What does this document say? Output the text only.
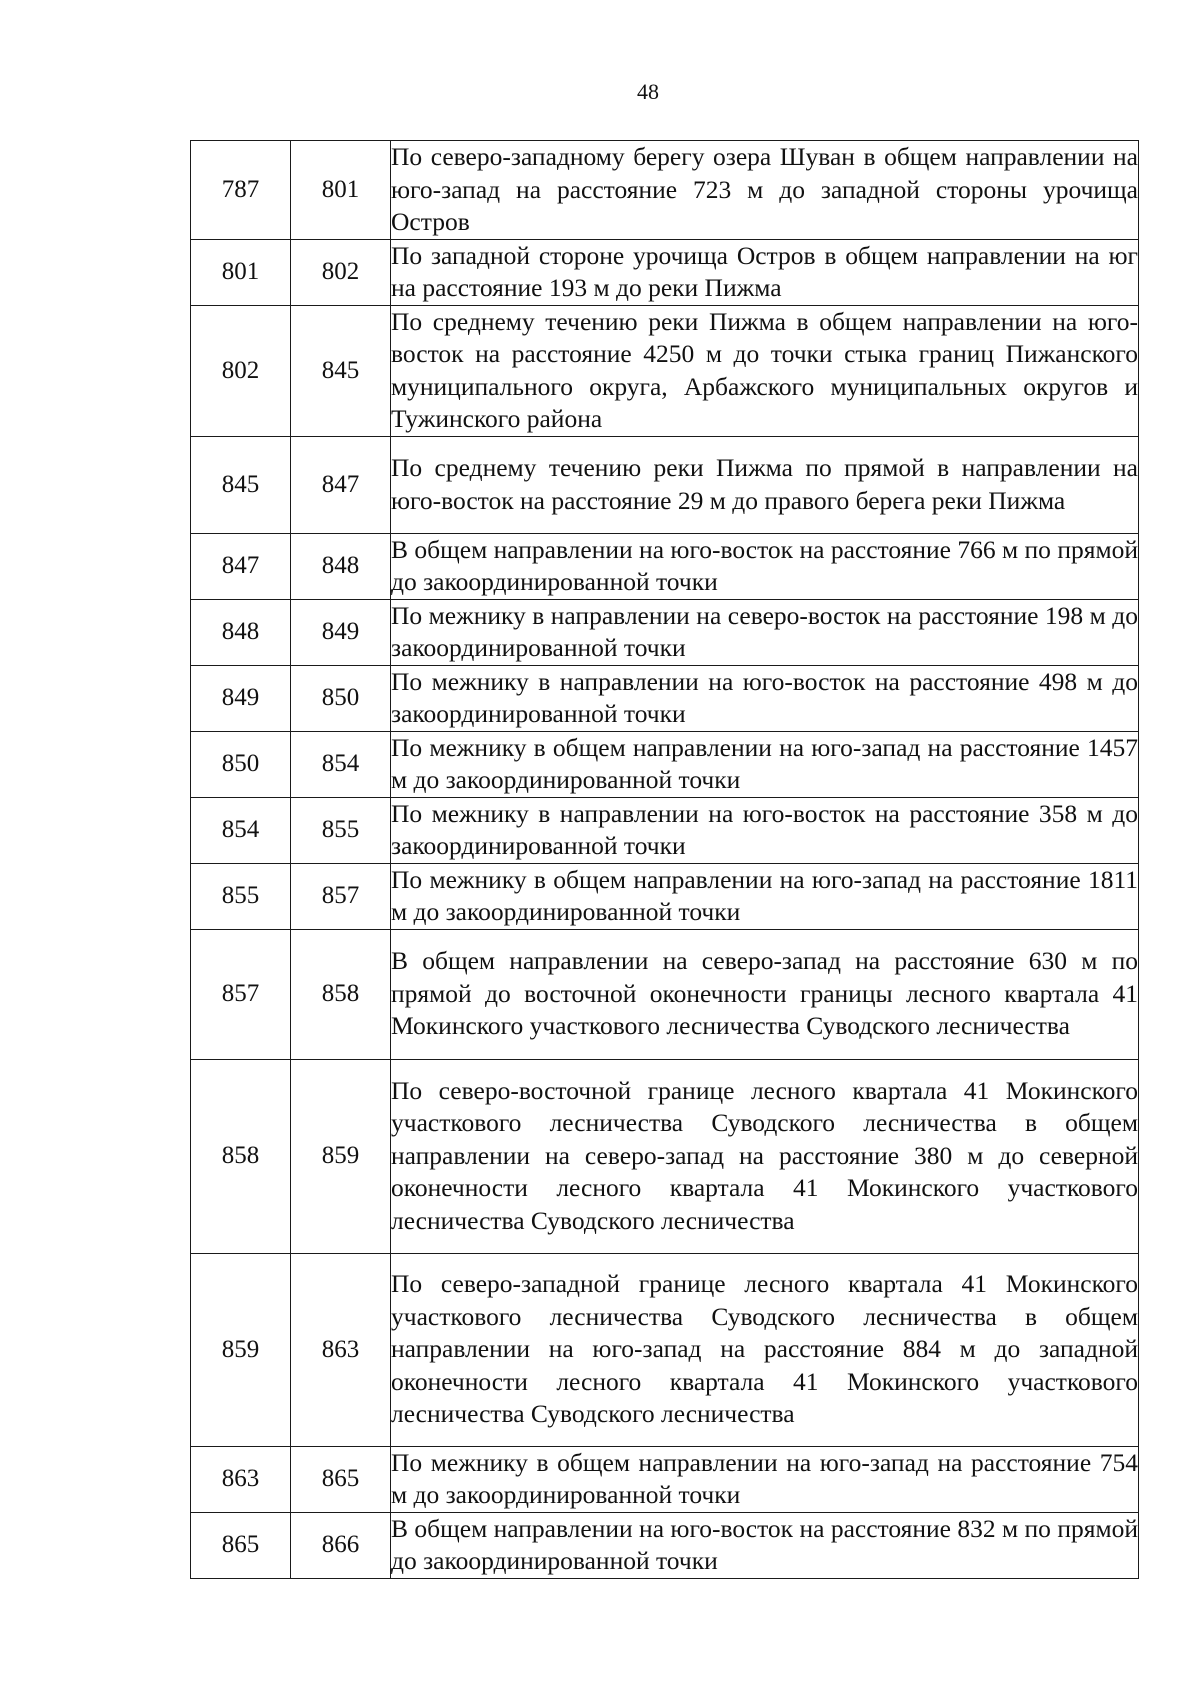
48
787	801	По северо-западному берегу озера Шуван в общем направлении на юго-запад на расстояние 723 м до западной стороны урочища Остров
801	802	По западной стороне урочища Остров в общем направлении на юг на расстояние 193 м до реки Пижма
802	845	По среднему течению реки Пижма в общем направлении на юго-восток на расстояние 4250 м до точки стыка границ Пижанского муниципального округа, Арбажского муниципальных округов и Тужинского района
845	847	По среднему течению реки Пижма по прямой в направлении на юго-восток на расстояние 29 м до правого берега реки Пижма
847	848	В общем направлении на юго-восток на расстояние 766 м по прямой до закоординированной точки
848	849	По межнику в направлении на северо-восток на расстояние 198 м до закоординированной точки
849	850	По межнику в направлении на юго-восток на расстояние 498 м до закоординированной точки
850	854	По межнику в общем направлении на юго-запад на расстояние 1457 м до закоординированной точки
854	855	По межнику в направлении на юго-восток на расстояние 358 м до закоординированной точки
855	857	По межнику в общем направлении на юго-запад на расстояние 1811 м до закоординированной точки
857	858	В общем направлении на северо-запад на расстояние 630 м по прямой до восточной оконечности границы лесного квартала 41 Мокинского участкового лесничества Суводского лесничества
858	859	По северо-восточной границе лесного квартала 41 Мокинского участкового лесничества Суводского лесничества в общем направлении на северо-запад на расстояние 380 м до северной оконечности лесного квартала 41 Мокинского участкового лесничества Суводского лесничества
859	863	По северо-западной границе лесного квартала 41 Мокинского участкового лесничества Суводского лесничества в общем направлении на юго-запад на расстояние 884 м до западной оконечности лесного квартала 41 Мокинского участкового лесничества Суводского лесничества
863	865	По межнику в общем направлении на юго-запад на расстояние 754 м до закоординированной точки
865	866	В общем направлении на юго-восток на расстояние 832 м по прямой до закоординированной точки
